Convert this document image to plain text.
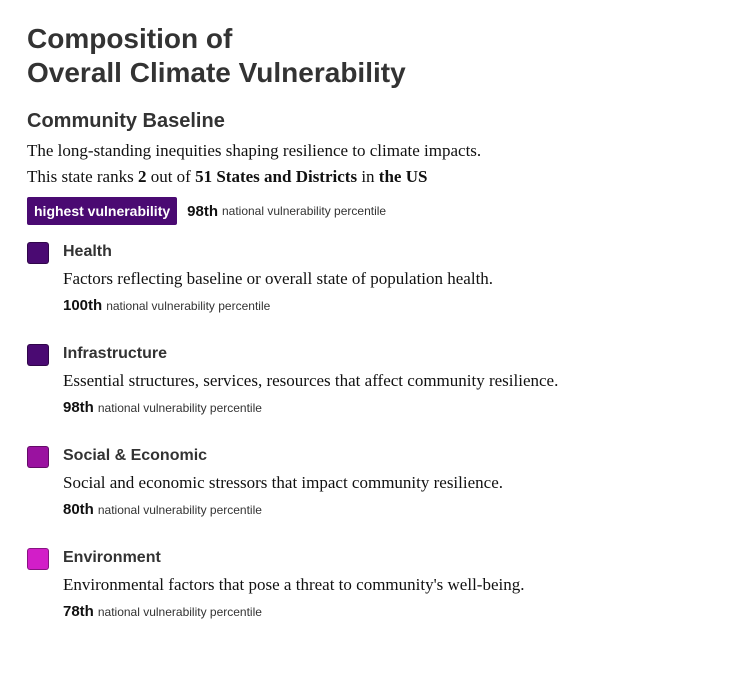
Composition of
Overall Climate Vulnerability
Community Baseline
The long-standing inequities shaping resilience to climate impacts.
This state ranks 2 out of 51 States and Districts in the US
highest vulnerability	98th national vulnerability percentile
Health
Factors reflecting baseline or overall state of population health.
100th national vulnerability percentile
Infrastructure
Essential structures, services, resources that affect community resilience.
98th national vulnerability percentile
Social & Economic
Social and economic stressors that impact community resilience.
80th national vulnerability percentile
Environment
Environmental factors that pose a threat to community's well-being.
78th national vulnerability percentile
